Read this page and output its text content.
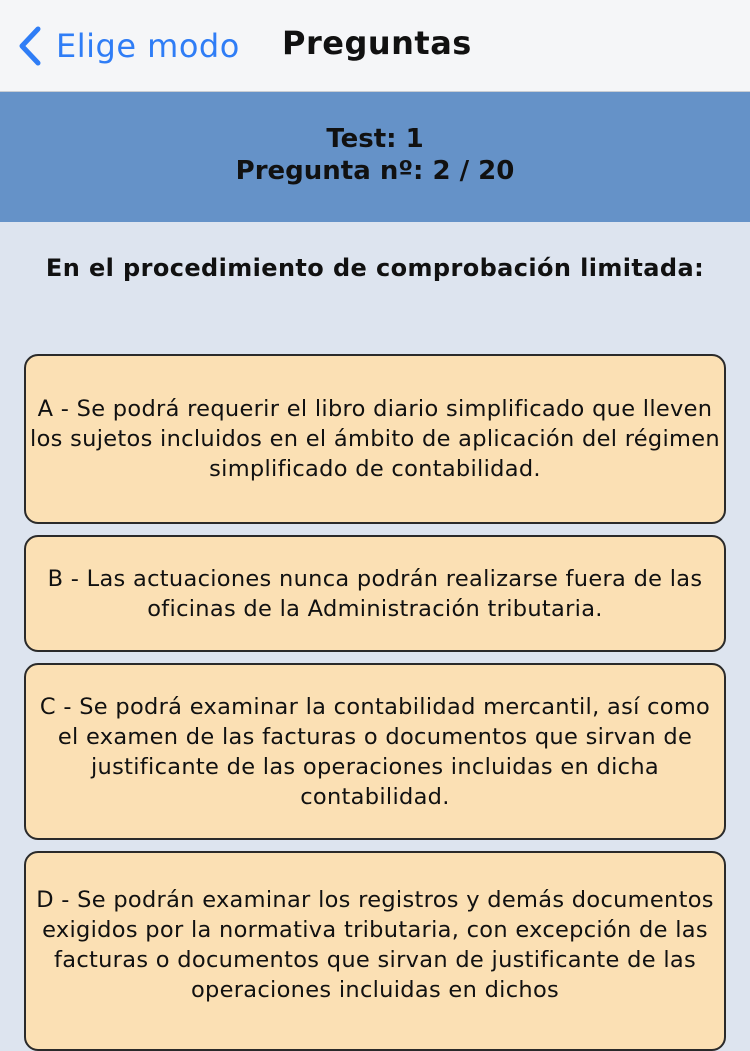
Elige modo Preguntas
Test: 1
Pregunta nº: 2 / 20
En el procedimiento de comprobación limitada:
A - Se podrá requerir el libro diario simplificado que lleven los sujetos incluidos en el ámbito de aplicación del régimen simplificado de contabilidad.
B - Las actuaciones nunca podrán realizarse fuera de las oficinas de la Administración tributaria.
C - Se podrá examinar la contabilidad mercantil, así como el examen de las facturas o documentos que sirvan de justificante de las operaciones incluidas en dicha contabilidad.
D - Se podrán examinar los registros y demás documentos exigidos por la normativa tributaria, con excepción de las facturas o documentos que sirvan de justificante de las operaciones incluidas en dichos
